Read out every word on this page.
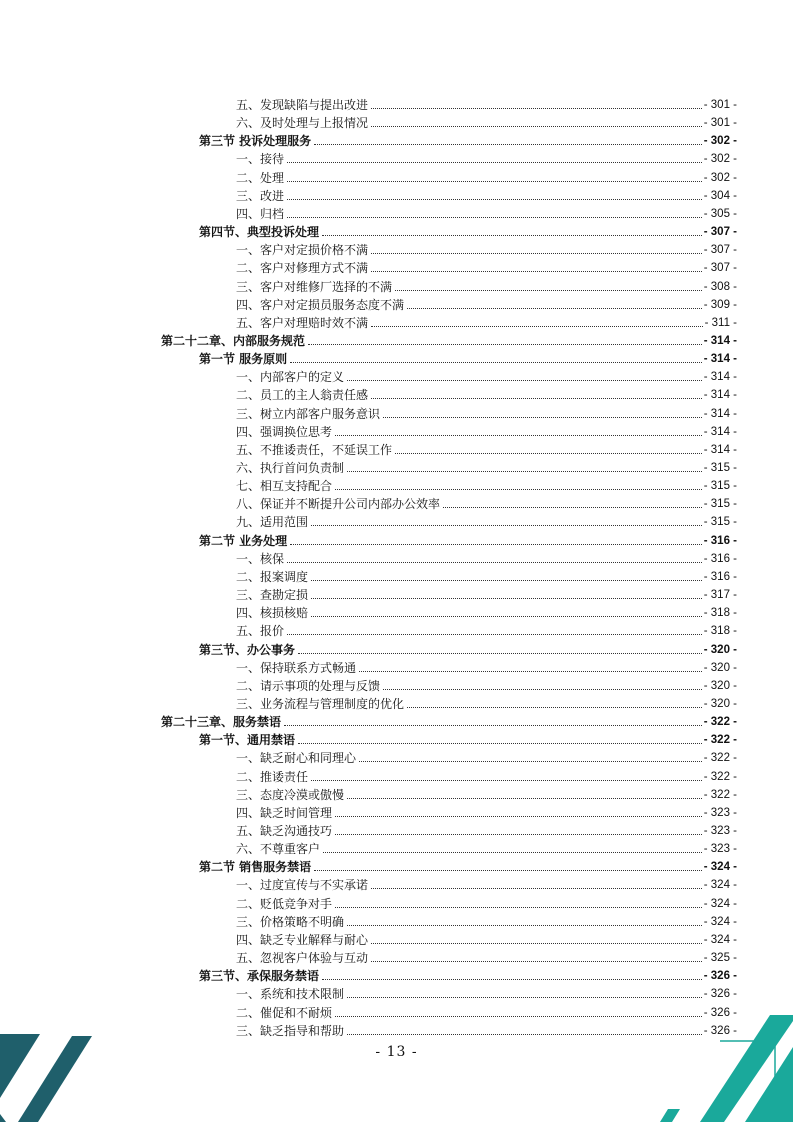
五、发现缺陷与提出改进	- 301 -
六、及时处理与上报情况	- 301 -
第三节 投诉处理服务	- 302 -
一、接待	- 302 -
二、处理	- 302 -
三、改进	- 304 -
四、归档	- 305 -
第四节、典型投诉处理	- 307 -
一、客户对定损价格不满	- 307 -
二、客户对修理方式不满	- 307 -
三、客户对维修厂选择的不满	- 308 -
四、客户对定损员服务态度不满	- 309 -
五、客户对理赔时效不满	- 311 -
第二十二章、内部服务规范	- 314 -
第一节 服务原则	- 314 -
一、内部客户的定义	- 314 -
二、员工的主人翁责任感	- 314 -
三、树立内部客户服务意识	- 314 -
四、强调换位思考	- 314 -
五、不推诿责任，不延误工作	- 314 -
六、执行首问负责制	- 315 -
七、相互支持配合	- 315 -
八、保证并不断提升公司内部办公效率	- 315 -
九、适用范围	- 315 -
第二节 业务处理	- 316 -
一、核保	- 316 -
二、报案调度	- 316 -
三、查勘定损	- 317 -
四、核损核赔	- 318 -
五、报价	- 318 -
第三节、办公事务	- 320 -
一、保持联系方式畅通	- 320 -
二、请示事项的处理与反馈	- 320 -
三、业务流程与管理制度的优化	- 320 -
第二十三章、服务禁语	- 322 -
第一节、通用禁语	- 322 -
一、缺乏耐心和同理心	- 322 -
二、推诿责任	- 322 -
三、态度冷漠或傲慢	- 322 -
四、缺乏时间管理	- 323 -
五、缺乏沟通技巧	- 323 -
六、不尊重客户	- 323 -
第二节 销售服务禁语	- 324 -
一、过度宣传与不实承诺	- 324 -
二、贬低竞争对手	- 324 -
三、价格策略不明确	- 324 -
四、缺乏专业解释与耐心	- 324 -
五、忽视客户体验与互动	- 325 -
第三节、承保服务禁语	- 326 -
一、系统和技术限制	- 326 -
二、催促和不耐烦	- 326 -
三、缺乏指导和帮助	- 326 -
- 13 -
